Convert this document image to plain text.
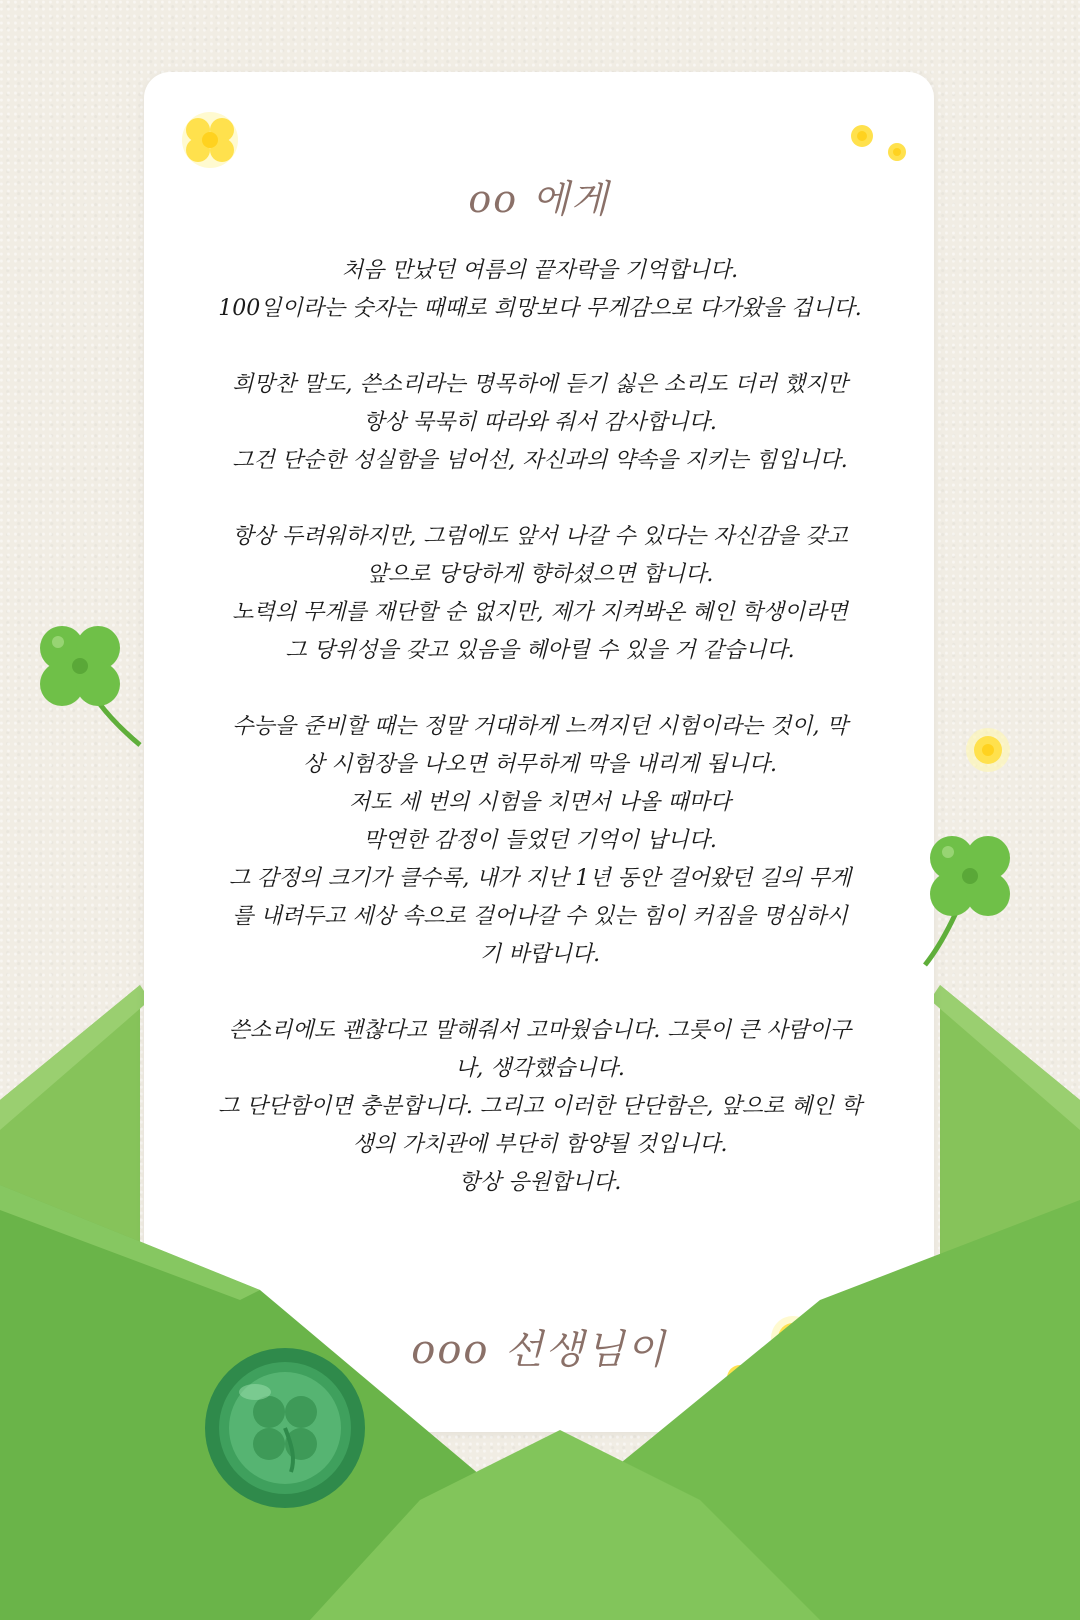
oo 에게
처음 만났던 여름의 끝자락을 기억합니다.
100일이라는 숫자는 때때로 희망보다 무게감으로 다가왔을 겁니다.
희망찬 말도, 쓴소리라는 명목하에 듣기 싫은 소리도 더러 했지만
항상 묵묵히 따라와 줘서 감사합니다.
그건 단순한 성실함을 넘어선, 자신과의 약속을 지키는 힘입니다.
항상 두려워하지만, 그럼에도 앞서 나갈 수 있다는 자신감을 갖고
앞으로 당당하게 향하셨으면 합니다.
노력의 무게를 재단할 순 없지만, 제가 지켜봐온 혜인 학생이라면
그 당위성을 갖고 있음을 헤아릴 수 있을 거 같습니다.
수능을 준비할 때는 정말 거대하게 느껴지던 시험이라는 것이, 막
상 시험장을 나오면 허무하게 막을 내리게 됩니다.
저도 세 번의 시험을 치면서 나올 때마다
막연한 감정이 들었던 기억이 납니다.
그 감정의 크기가 클수록, 내가 지난 1년 동안 걸어왔던 길의 무게
를 내려두고 세상 속으로 걸어나갈 수 있는 힘이 커짐을 명심하시
기 바랍니다.
쓴소리에도 괜찮다고 말해줘서 고마웠습니다. 그릇이 큰 사람이구
나, 생각했습니다.
그 단단함이면 충분합니다. 그리고 이러한 단단함은, 앞으로 혜인 학
생의 가치관에 부단히 함양될 것입니다.
항상 응원합니다.
ooo 선생님이
